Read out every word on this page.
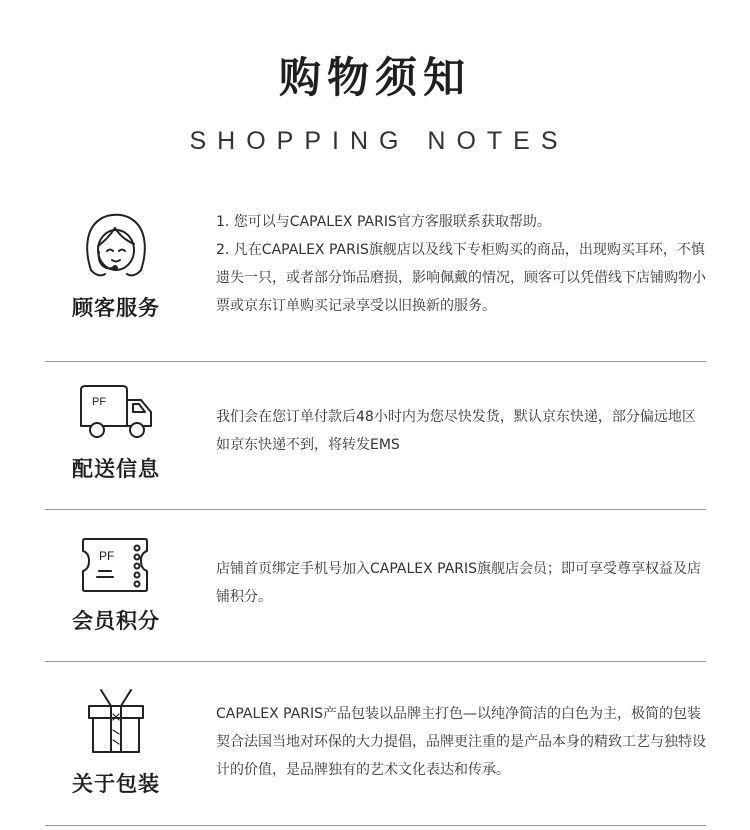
购物须知
SHOPPING NOTES
顾客服务

1. 您可以与CAPALEX PARIS官方客服联系获取帮助。

2. 凡在CAPALEX PARIS旗舰店以及线下专柜购买的商品，出现购买耳环，不慎遗失一只，或者部分饰品磨损，影响佩戴的情况，顾客可以凭借线下店铺购物小票或京东订单购买记录享受以旧换新的服务。

PF
配送信息

我们会在您订单付款后48小时内为您尽快发货，默认京东快递，部分偏远地区如京东快递不到，将转发EMS

PF
会员积分

店铺首页绑定手机号加入CAPALEX PARIS旗舰店会员；即可享受尊享权益及店铺积分。

关于包装

CAPALEX PARIS产品包装以品牌主打色—以纯净简洁的白色为主，极简的包装契合法国当地对环保的大力提倡，品牌更注重的是产品本身的精致工艺与独特设计的价值，是品牌独有的艺术文化表达和传承。
